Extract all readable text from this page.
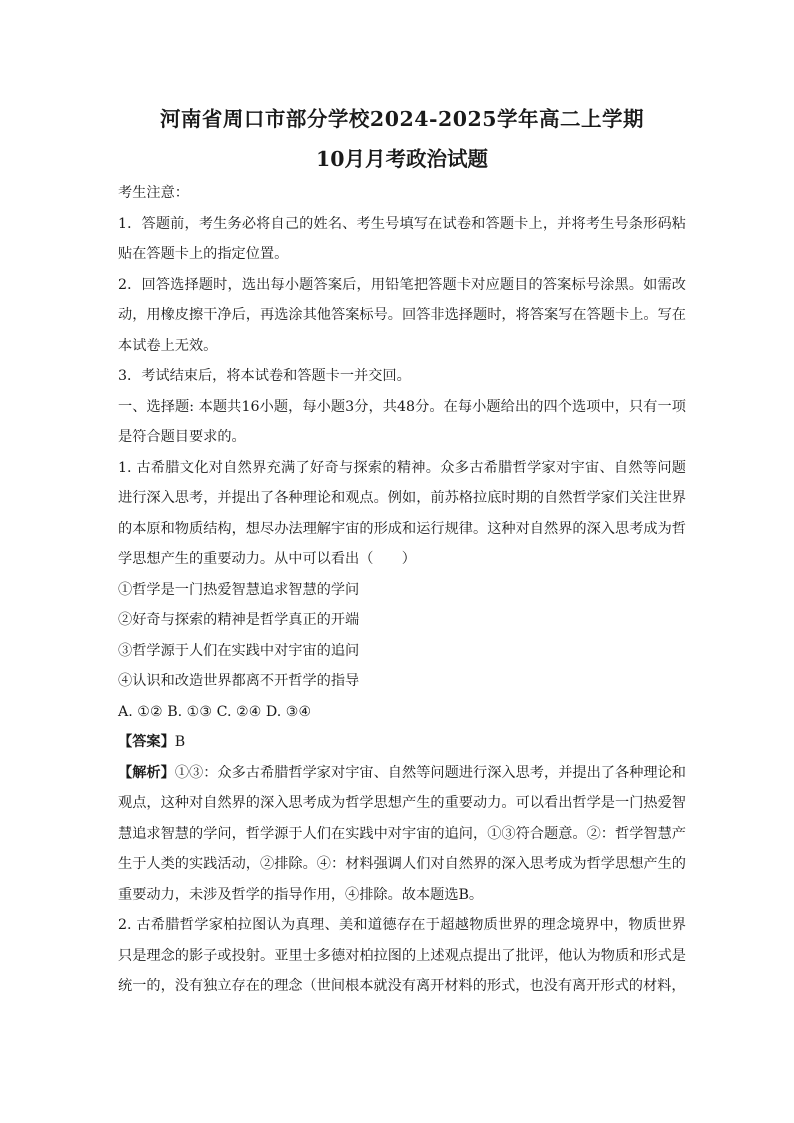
河南省周口市部分学校2024-2025学年高二上学期
10月月考政治试题

考生注意：

1．答题前，考生务必将自己的姓名、考生号填写在试卷和答题卡上，并将考生号条形码粘贴在答题卡上的指定位置。

2．回答选择题时，选出每小题答案后，用铅笔把答题卡对应题目的答案标号涂黑。如需改动，用橡皮擦干净后，再选涂其他答案标号。回答非选择题时，将答案写在答题卡上。写在本试卷上无效。

3．考试结束后，将本试卷和答题卡一并交回。

一、选择题: 本题共16小题，每小题3分，共48分。在每小题给出的四个选项中，只有一项是符合题目要求的。

1. 古希腊文化对自然界充满了好奇与探索的精神。众多古希腊哲学家对宇宙、自然等问题进行深入思考，并提出了各种理论和观点。例如，前苏格拉底时期的自然哲学家们关注世界的本原和物质结构，想尽办法理解宇宙的形成和运行规律。这种对自然界的深入思考成为哲学思想产生的重要动力。从中可以看出（　　）

①哲学是一门热爱智慧追求智慧的学问

②好奇与探索的精神是哲学真正的开端

③哲学源于人们在实践中对宇宙的追问

④认识和改造世界都离不开哲学的指导

A. ①② B. ①③ C. ②④ D. ③④

【答案】B

【解析】①③：众多古希腊哲学家对宇宙、自然等问题进行深入思考，并提出了各种理论和观点，这种对自然界的深入思考成为哲学思想产生的重要动力。可以看出哲学是一门热爱智慧追求智慧的学问，哲学源于人们在实践中对宇宙的追问，①③符合题意。②：哲学智慧产生于人类的实践活动，②排除。④：材料强调人们对自然界的深入思考成为哲学思想产生的重要动力，未涉及哲学的指导作用，④排除。故本题选B。

2. 古希腊哲学家柏拉图认为真理、美和道德存在于超越物质世界的理念境界中，物质世界只是理念的影子或投射。亚里士多德对柏拉图的上述观点提出了批评，他认为物质和形式是统一的，没有独立存在的理念（世间根本就没有离开材料的形式，也没有离开形式的材料，
